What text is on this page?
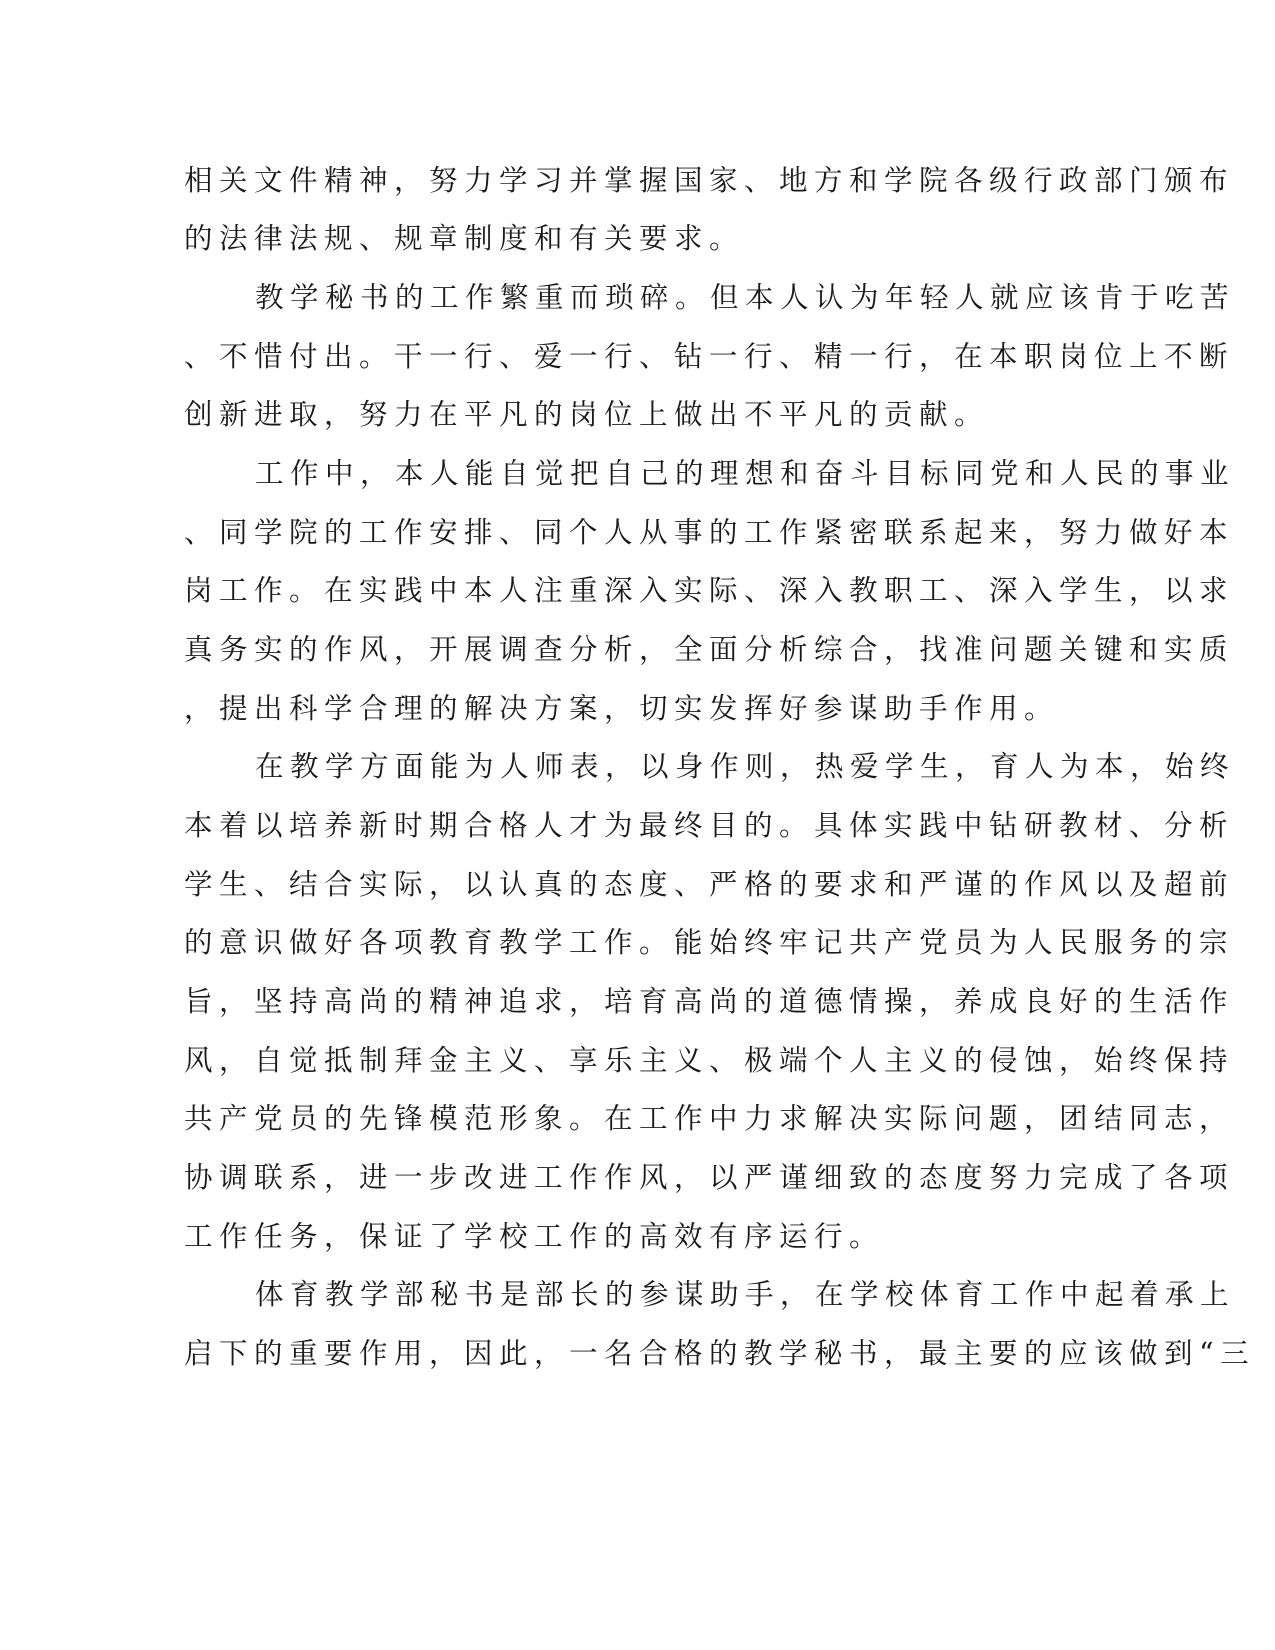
相关文件精神，努力学习并掌握国家、地方和学院各级行政部门颁布
的法律法规、规章制度和有关要求。
教学秘书的工作繁重而琐碎。但本人认为年轻人就应该肯于吃苦
、不惜付出。干一行、爱一行、钻一行、精一行，在本职岗位上不断
创新进取，努力在平凡的岗位上做出不平凡的贡献。
工作中，本人能自觉把自己的理想和奋斗目标同党和人民的事业
、同学院的工作安排、同个人从事的工作紧密联系起来，努力做好本
岗工作。在实践中本人注重深入实际、深入教职工、深入学生，以求
真务实的作风，开展调查分析，全面分析综合，找准问题关键和实质
，提出科学合理的解决方案，切实发挥好参谋助手作用。
在教学方面能为人师表，以身作则，热爱学生，育人为本，始终
本着以培养新时期合格人才为最终目的。具体实践中钻研教材、分析
学生、结合实际，以认真的态度、严格的要求和严谨的作风以及超前
的意识做好各项教育教学工作。能始终牢记共产党员为人民服务的宗
旨，坚持高尚的精神追求，培育高尚的道德情操，养成良好的生活作
风，自觉抵制拜金主义、享乐主义、极端个人主义的侵蚀，始终保持
共产党员的先锋模范形象。在工作中力求解决实际问题，团结同志，
协调联系，进一步改进工作作风，以严谨细致的态度努力完成了各项
工作任务，保证了学校工作的高效有序运行。
体育教学部秘书是部长的参谋助手，在学校体育工作中起着承上
启下的重要作用，因此，一名合格的教学秘书，最主要的应该做到“三
